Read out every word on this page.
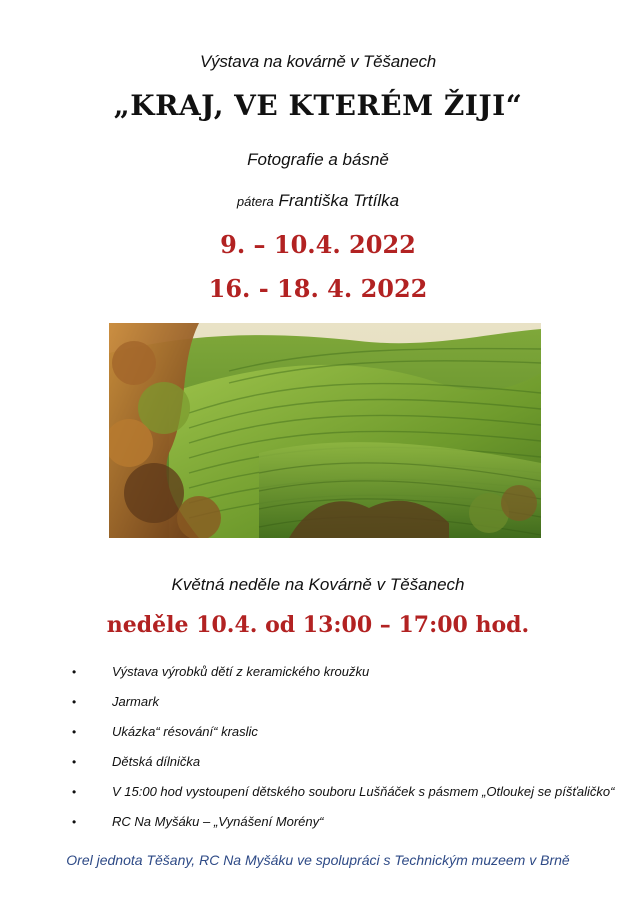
Výstava na kovárně v Těšanech
„KRAJ, VE KTERÉM ŽIJI“
Fotografie a básně
pátera Františka Trtílka
9. – 10.4. 2022
16. - 18. 4. 2022
Květná neděle na Kovárně v Těšanech
neděle 10.4. od 13:00 – 17:00 hod.
•	Výstava výrobků dětí z keramického kroužku
•	Jarmark
•	Ukázka“ résování“ kraslic
•	Dětská dílnička
•	V 15:00 hod vystoupení dětského souboru Lušňáček s pásmem „Otloukej se píšťaličko“
•	RC Na Myšáku – „Vynášení Morény“
Orel jednota Těšany, RC Na Myšáku ve spolupráci s Technickým muzeem v Brně
